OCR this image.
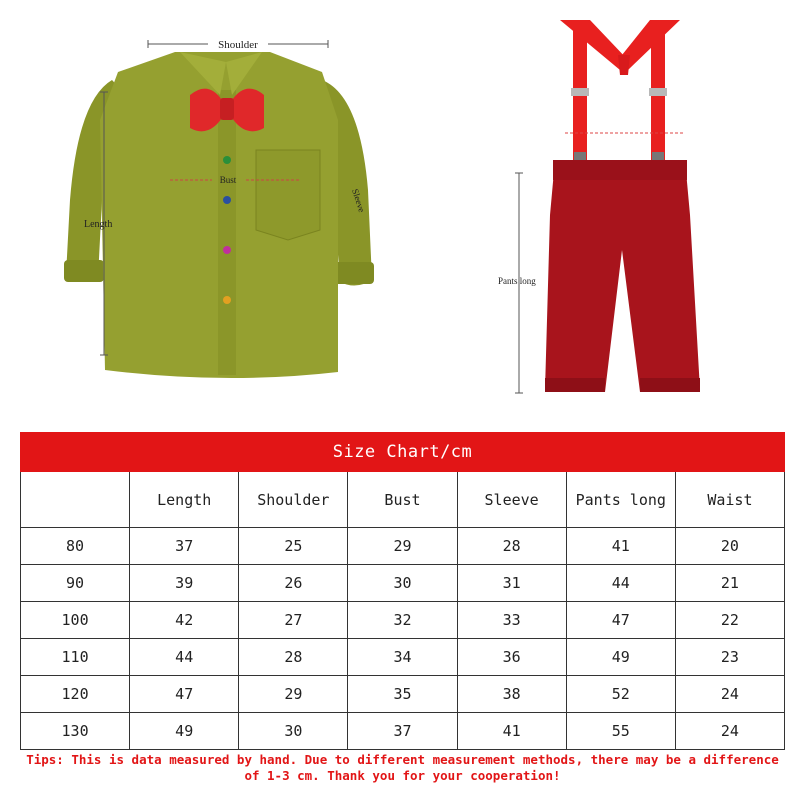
Shoulder
Bust
Length
Sleeve
Pants long
Size Chart/cm						
	Length	Shoulder	Bust	Sleeve	Pants long	Waist
80	37	25	29	28	41	20
90	39	26	30	31	44	21
100	42	27	32	33	47	22
110	44	28	34	36	49	23
120	47	29	35	38	52	24
130	49	30	37	41	55	24
Tips: This is data measured by hand. Due to different measurement methods, there may be a difference of 1-3 cm. Thank you for your cooperation!
